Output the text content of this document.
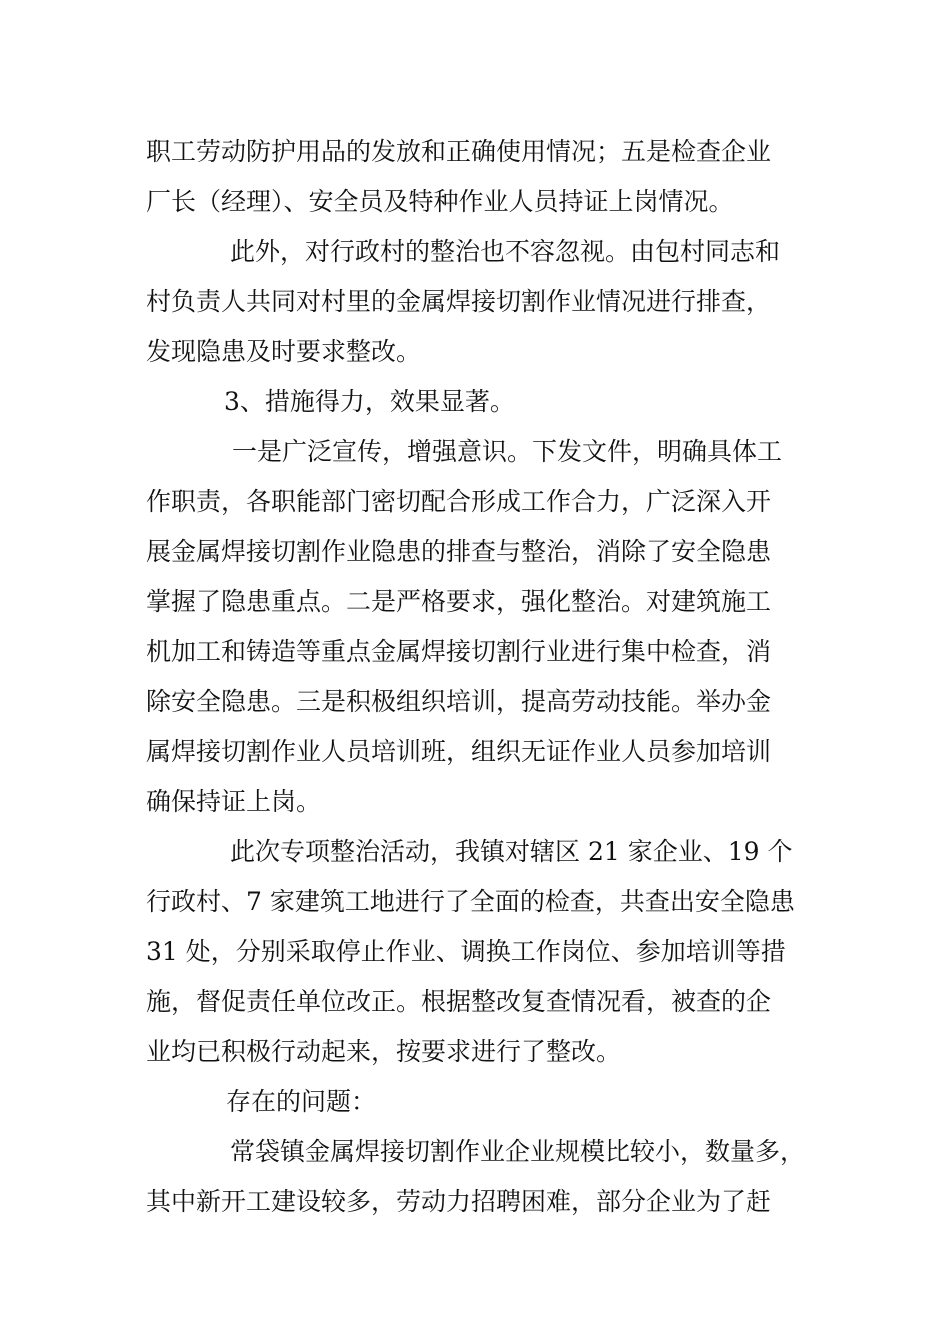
职工劳动防护用品的发放和正确使用情况；五是检查企业
厂长（经理）、安全员及特种作业人员持证上岗情况。
此外，对行政村的整治也不容忽视。由包村同志和
村负责人共同对村里的金属焊接切割作业情况进行排查，
发现隐患及时要求整改。
3、措施得力，效果显著。
一是广泛宣传，增强意识。下发文件，明确具体工
作职责，各职能部门密切配合形成工作合力，广泛深入开
展金属焊接切割作业隐患的排查与整治，消除了安全隐患
掌握了隐患重点。二是严格要求，强化整治。对建筑施工
机加工和铸造等重点金属焊接切割行业进行集中检查，消
除安全隐患。三是积极组织培训，提高劳动技能。举办金
属焊接切割作业人员培训班，组织无证作业人员参加培训
确保持证上岗。
此次专项整治活动，我镇对辖区 21 家企业、19 个
行政村、7 家建筑工地进行了全面的检查，共查出安全隐患
31 处，分别采取停止作业、调换工作岗位、参加培训等措
施，督促责任单位改正。根据整改复查情况看，被查的企
业均已积极行动起来，按要求进行了整改。
存在的问题：
常袋镇金属焊接切割作业企业规模比较小，数量多，
其中新开工建设较多，劳动力招聘困难，部分企业为了赶
